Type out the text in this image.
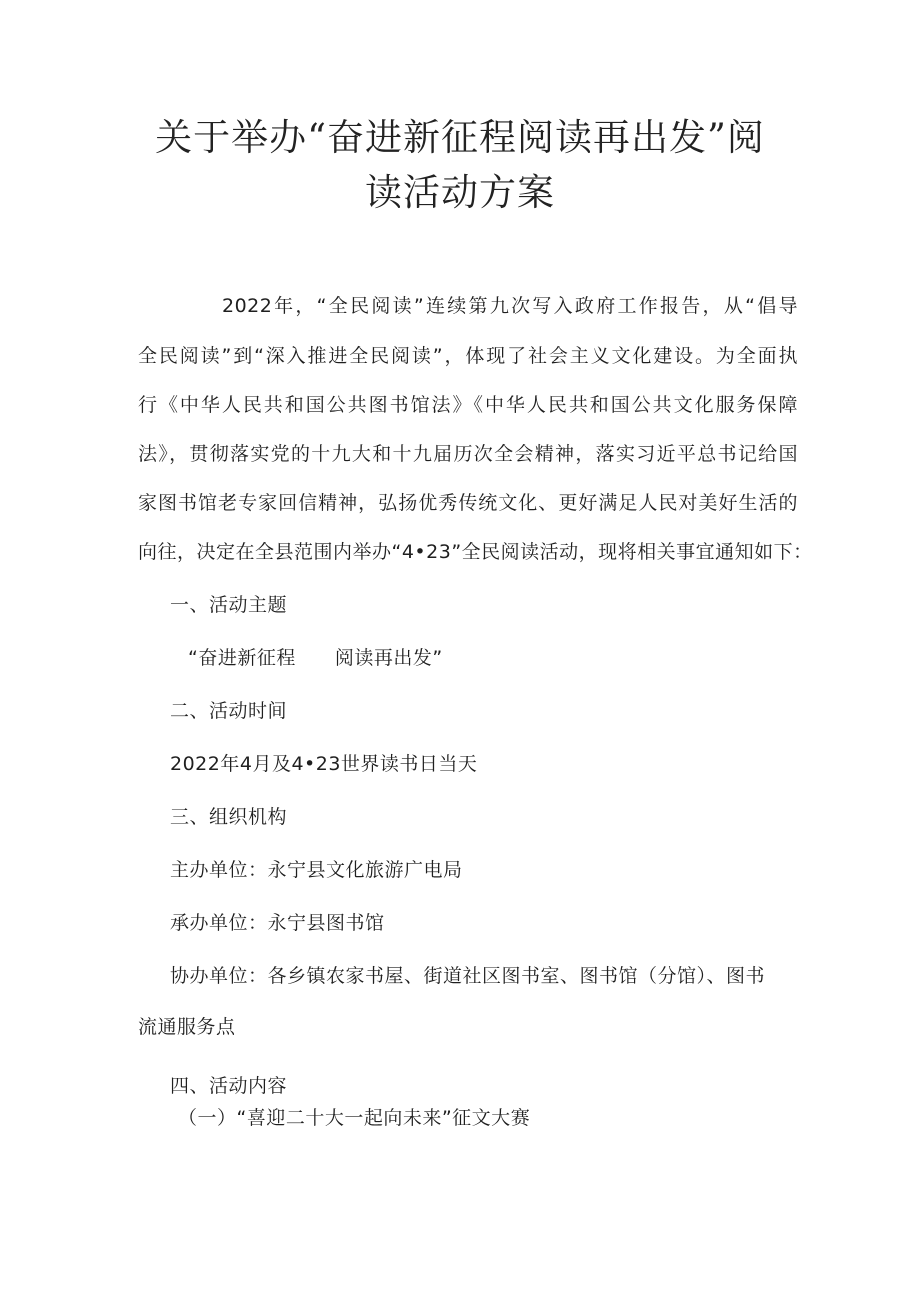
关于举办“奋进新征程阅读再出发”阅
读活动方案
2022年，“全民阅读”连续第九次写入政府工作报告，从“倡导
全民阅读”到“深入推进全民阅读”，体现了社会主义文化建设。为全面执
行《中华人民共和国公共图书馆法》《中华人民共和国公共文化服务保障
法》，贯彻落实党的十九大和十九届历次全会精神，落实习近平总书记给国
家图书馆老专家回信精神，弘扬优秀传统文化、更好满足人民对美好生活的
向往，决定在全县范围内举办“4•23”全民阅读活动，现将相关事宜通知如下：
一、活动主题
“奋进新征程　　阅读再出发”
二、活动时间
2022年4月及4•23世界读书日当天
三、组织机构
主办单位：永宁县文化旅游广电局
承办单位：永宁县图书馆
协办单位：各乡镇农家书屋、街道社区图书室、图书馆（分馆）、图书
流通服务点
四、活动内容
（一）“喜迎二十大一起向未来”征文大赛
